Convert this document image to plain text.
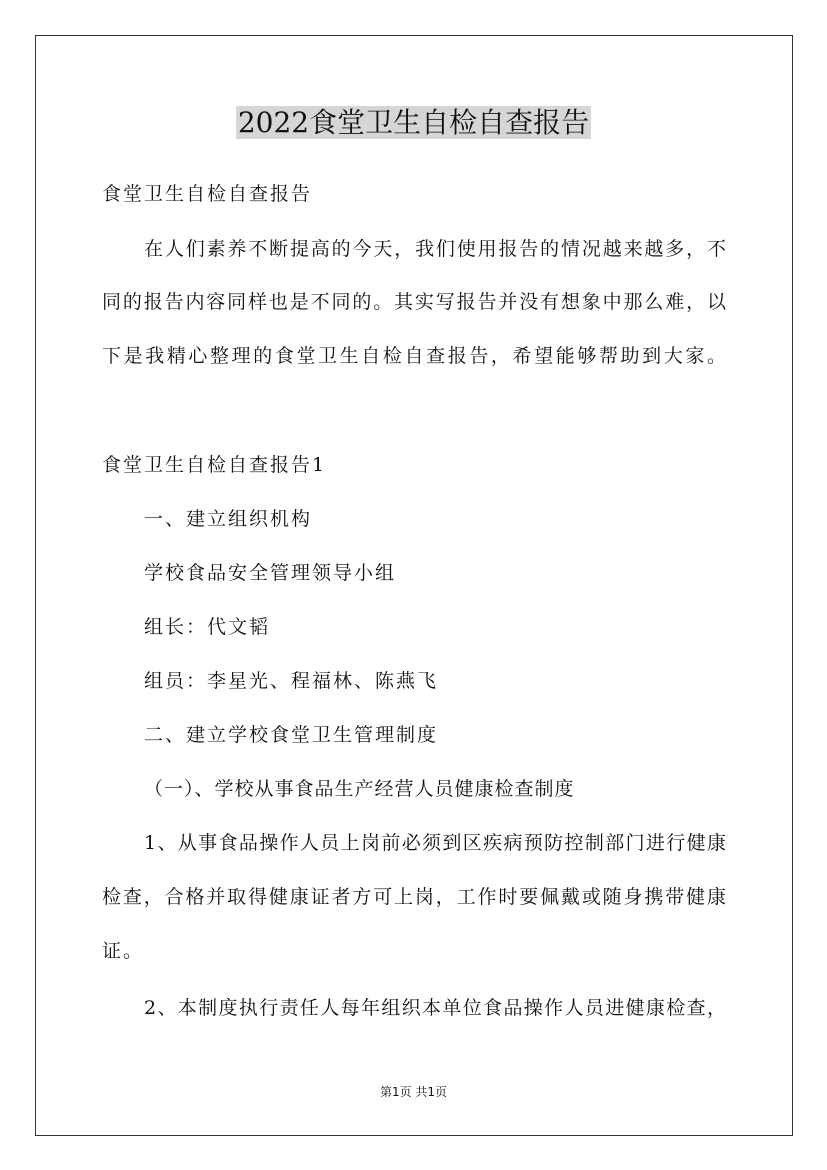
2022食堂卫生自检自查报告
食堂卫生自检自查报告
在人们素养不断提高的今天，我们使用报告的情况越来越多，不
同的报告内容同样也是不同的。其实写报告并没有想象中那么难，以
下是我精心整理的食堂卫生自检自查报告，希望能够帮助到大家。
食堂卫生自检自查报告1
一、建立组织机构
学校食品安全管理领导小组
组长：代文韬
组员：李星光、程福林、陈燕飞
二、建立学校食堂卫生管理制度
（一）、学校从事食品生产经营人员健康检查制度
1、从事食品操作人员上岗前必须到区疾病预防控制部门进行健康
检查，合格并取得健康证者方可上岗，工作时要佩戴或随身携带健康
证。
2、本制度执行责任人每年组织本单位食品操作人员进健康检查，
第1页 共1页
